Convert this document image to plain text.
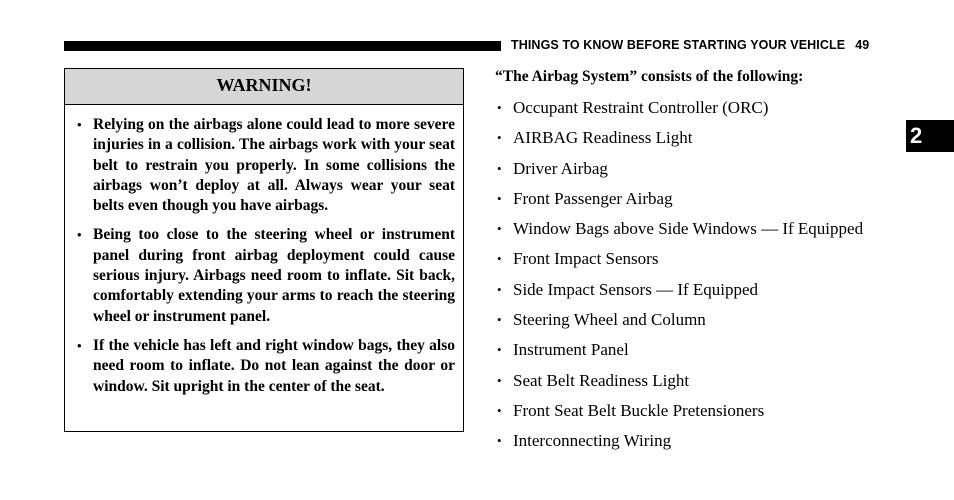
THINGS TO KNOW BEFORE STARTING YOUR VEHICLE 49
WARNING!
• Relying on the airbags alone could lead to more severe injuries in a collision. The airbags work with your seat belt to restrain you properly. In some collisions the airbags won’t deploy at all. Always wear your seat belts even though you have airbags.
• Being too close to the steering wheel or instrument panel during front airbag deployment could cause serious injury. Airbags need room to inflate. Sit back, comfortably extending your arms to reach the steering wheel or instrument panel.
• If the vehicle has left and right window bags, they also need room to inflate. Do not lean against the door or window. Sit upright in the center of the seat.
“The Airbag System” consists of the following:
• Occupant Restraint Controller (ORC)
• AIRBAG Readiness Light
• Driver Airbag
• Front Passenger Airbag
• Window Bags above Side Windows — If Equipped
• Front Impact Sensors
• Side Impact Sensors — If Equipped
• Steering Wheel and Column
• Instrument Panel
• Seat Belt Readiness Light
• Front Seat Belt Buckle Pretensioners
• Interconnecting Wiring
2
